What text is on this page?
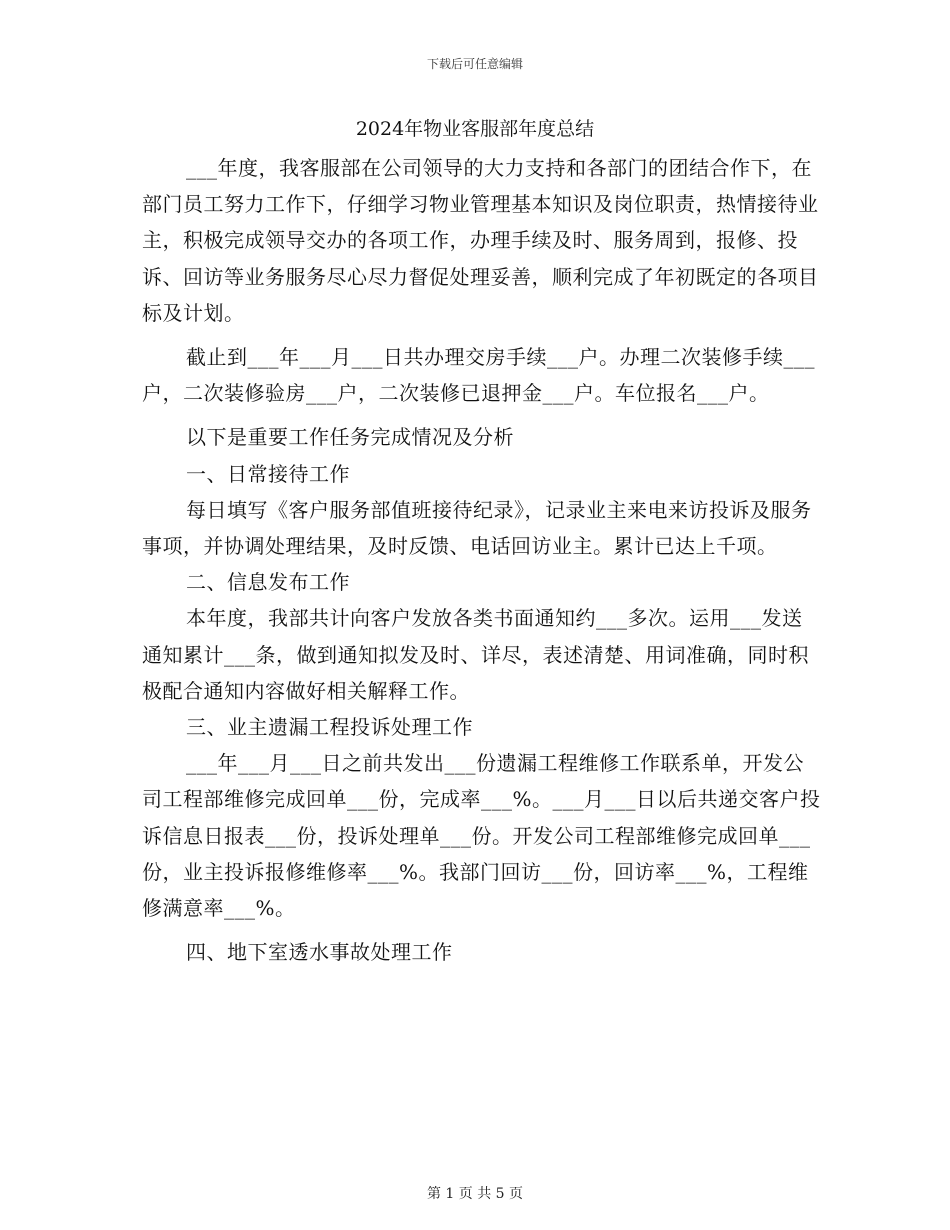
下载后可任意编辑
2024年物业客服部年度总结

___年度，我客服部在公司领导的大力支持和各部门的团结合作下，在部门员工努力工作下，仔细学习物业管理基本知识及岗位职责，热情接待业主，积极完成领导交办的各项工作，办理手续及时、服务周到，报修、投诉、回访等业务服务尽心尽力督促处理妥善，顺利完成了年初既定的各项目标及计划。

截止到___年___月___日共办理交房手续___户。办理二次装修手续___户，二次装修验房___户，二次装修已退押金___户。车位报名___户。

以下是重要工作任务完成情况及分析

一、日常接待工作

每日填写《客户服务部值班接待纪录》，记录业主来电来访投诉及服务事项，并协调处理结果，及时反馈、电话回访业主。累计已达上千项。

二、信息发布工作

本年度，我部共计向客户发放各类书面通知约___多次。运用___发送通知累计___条，做到通知拟发及时、详尽，表述清楚、用词准确，同时积极配合通知内容做好相关解释工作。

三、业主遗漏工程投诉处理工作

___年___月___日之前共发出___份遗漏工程维修工作联系单，开发公司工程部维修完成回单___份，完成率___%。___月___日以后共递交客户投诉信息日报表___份，投诉处理单___份。开发公司工程部维修完成回单___份，业主投诉报修维修率___%。我部门回访___份，回访率___%，工程维修满意率___%。

四、地下室透水事故处理工作

第 1 页 共 5 页
